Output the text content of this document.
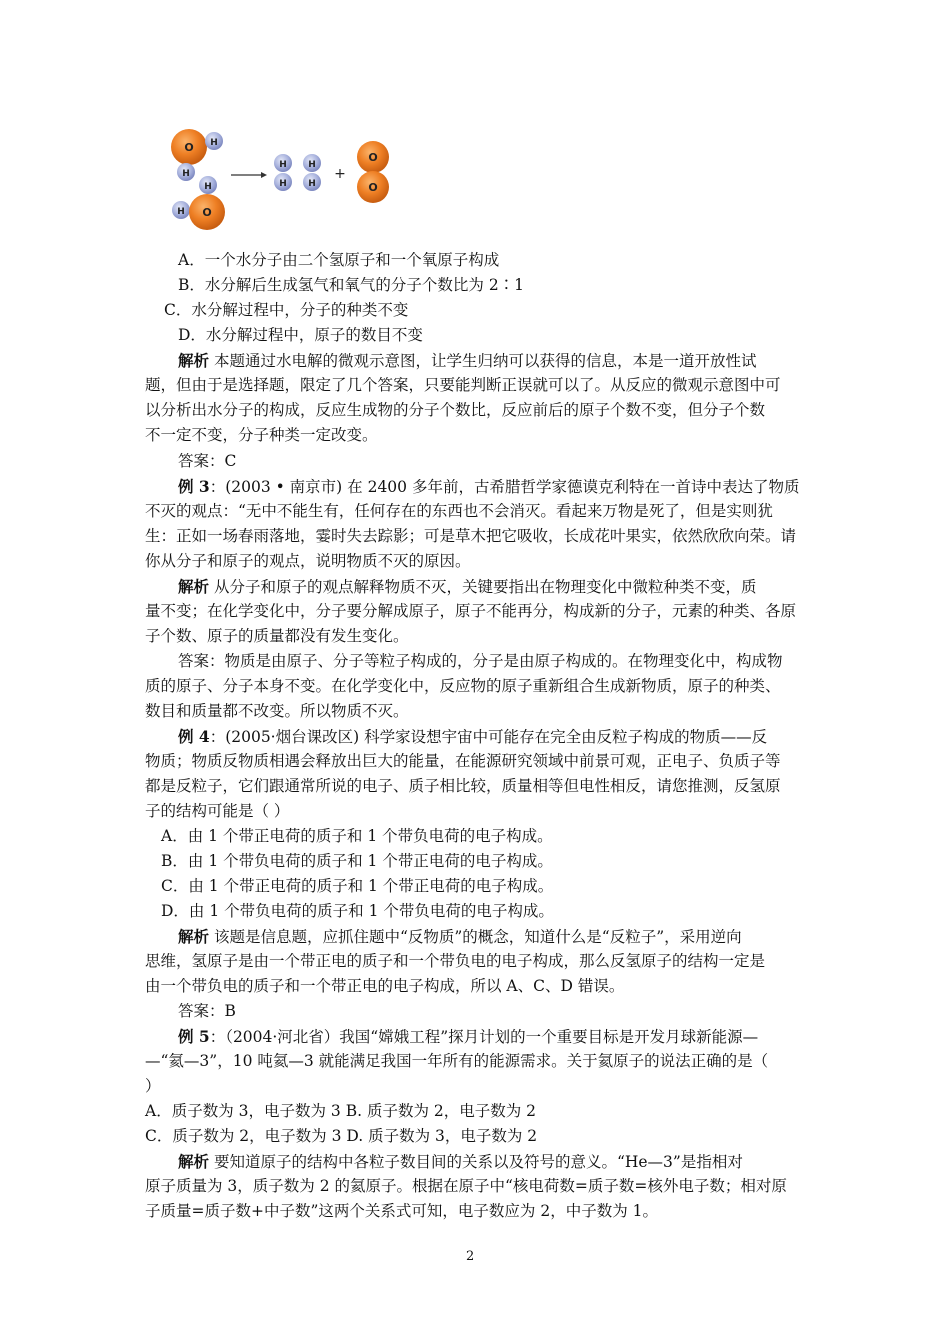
O H
H
H
H O
H
H
H
H
+
O
O
A．一个水分子由二个氢原子和一个氧原子构成
B．水分解后生成氢气和氧气的分子个数比为 2∶1
C．水分解过程中，分子的种类不变
D．水分解过程中，原子的数目不变
解析 本题通过水电解的微观示意图，让学生归纳可以获得的信息，本是一道开放性试
题，但由于是选择题，限定了几个答案，只要能判断正误就可以了。从反应的微观示意图中可
以分析出水分子的构成，反应生成物的分子个数比，反应前后的原子个数不变，但分子个数
不一定不变，分子种类一定改变。
答案：C
例 3：(2003 • 南京市) 在 2400 多年前，古希腊哲学家德谟克利特在一首诗中表达了物质
不灭的观点：“无中不能生有，任何存在的东西也不会消灭。看起来万物是死了，但是实则犹
生：正如一场春雨落地，霎时失去踪影；可是草木把它吸收，长成花叶果实，依然欣欣向荣。请
你从分子和原子的观点，说明物质不灭的原因。
解析 从分子和原子的观点解释物质不灭，关键要指出在物理变化中微粒种类不变，质
量不变；在化学变化中，分子要分解成原子，原子不能再分，构成新的分子，元素的种类、各原
子个数、原子的质量都没有发生变化。
答案：物质是由原子、分子等粒子构成的，分子是由原子构成的。在物理变化中，构成物
质的原子、分子本身不变。在化学变化中，反应物的原子重新组合生成新物质，原子的种类、
数目和质量都不改变。所以物质不灭。
例 4：(2005·烟台课改区) 科学家设想宇宙中可能存在完全由反粒子构成的物质——反
物质；物质反物质相遇会释放出巨大的能量，在能源研究领域中前景可观，正电子、负质子等
都是反粒子，它们跟通常所说的电子、质子相比较，质量相等但电性相反，请您推测，反氢原
子的结构可能是（ ）
A．由 1 个带正电荷的质子和 1 个带负电荷的电子构成。
B．由 1 个带负电荷的质子和 1 个带正电荷的电子构成。
C．由 1 个带正电荷的质子和 1 个带正电荷的电子构成。
D．由 1 个带负电荷的质子和 1 个带负电荷的电子构成。
解析 该题是信息题，应抓住题中“反物质”的概念，知道什么是“反粒子”，采用逆向
思维，氢原子是由一个带正电的质子和一个带负电的电子构成，那么反氢原子的结构一定是
由一个带负电的质子和一个带正电的电子构成，所以 A、C、D 错误。
答案：B
例 5：（2004·河北省）我国“嫦娥工程”探月计划的一个重要目标是开发月球新能源—
—“氦—3”，10 吨氦—3 就能满足我国一年所有的能源需求。关于氦原子的说法正确的是（
）
A．质子数为 3，电子数为 3 B. 质子数为 2，电子数为 2
C．质子数为 2，电子数为 3 D. 质子数为 3，电子数为 2
解析 要知道原子的结构中各粒子数目间的关系以及符号的意义。“He—3”是指相对
原子质量为 3，质子数为 2 的氦原子。根据在原子中“核电荷数=质子数=核外电子数；相对原
子质量=质子数+中子数”这两个关系式可知，电子数应为 2，中子数为 1。
2
